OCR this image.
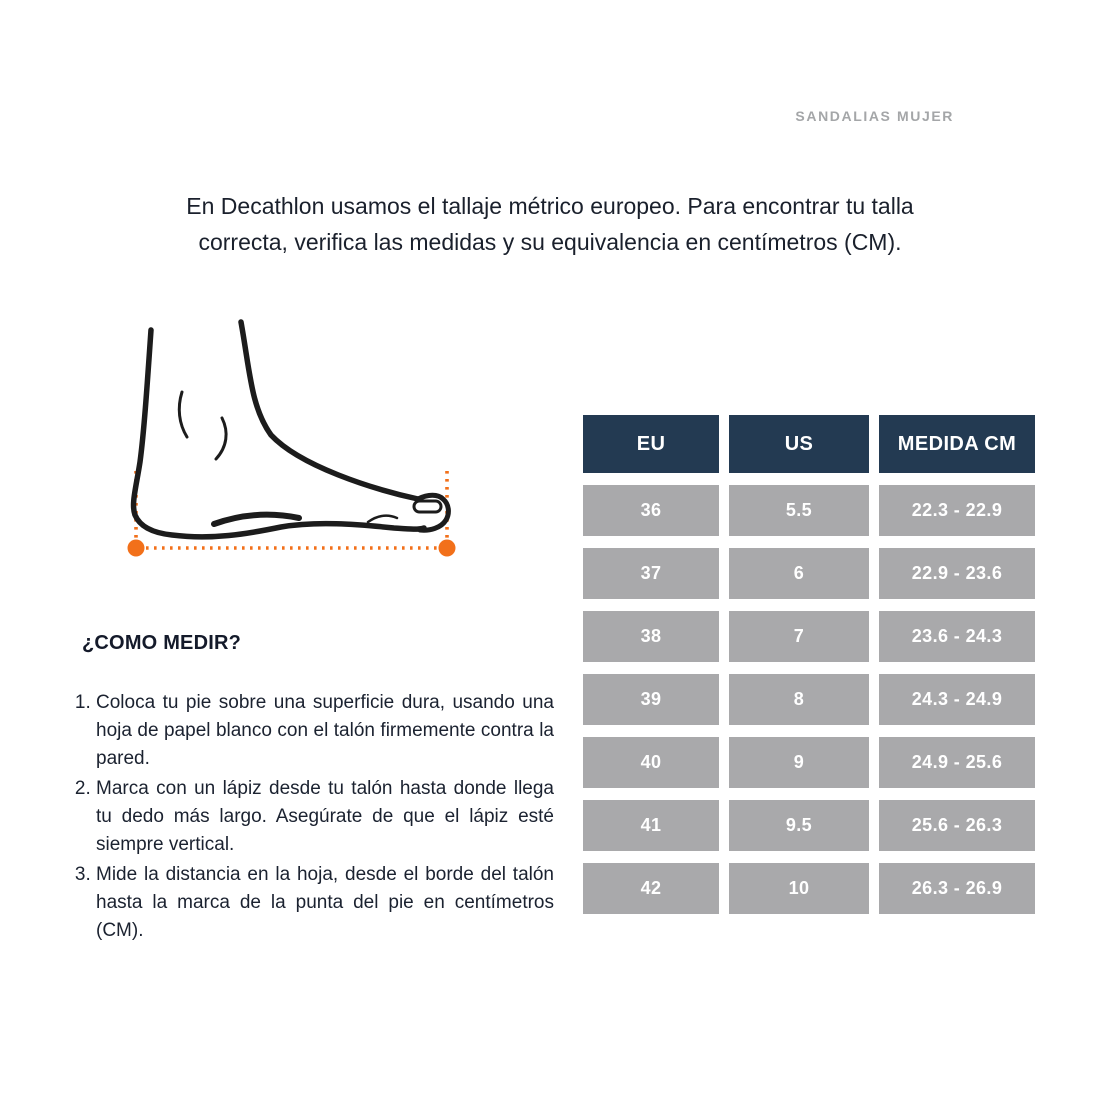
SANDALIAS MUJER

En Decathlon usamos el tallaje métrico europeo. Para encontrar tu talla correcta, verifica las medidas y su equivalencia en centímetros (CM).

¿COMO MEDIR?
1. Coloca tu pie sobre una superficie dura, usando una hoja de papel blanco con el talón firmemente contra la pared.
2. Marca con un lápiz desde tu talón hasta donde llega tu dedo más largo. Asegúrate de que el lápiz esté siempre vertical.
3. Mide la distancia en la hoja, desde el borde del talón hasta la marca de la punta del pie en centímetros (CM).
EU	US	MEDIDA CM
36	5.5	22.3 - 22.9
37	6	22.9 - 23.6
38	7	23.6 - 24.3
39	8	24.3 - 24.9
40	9	24.9 - 25.6
41	9.5	25.6 - 26.3
42	10	26.3 - 26.9
